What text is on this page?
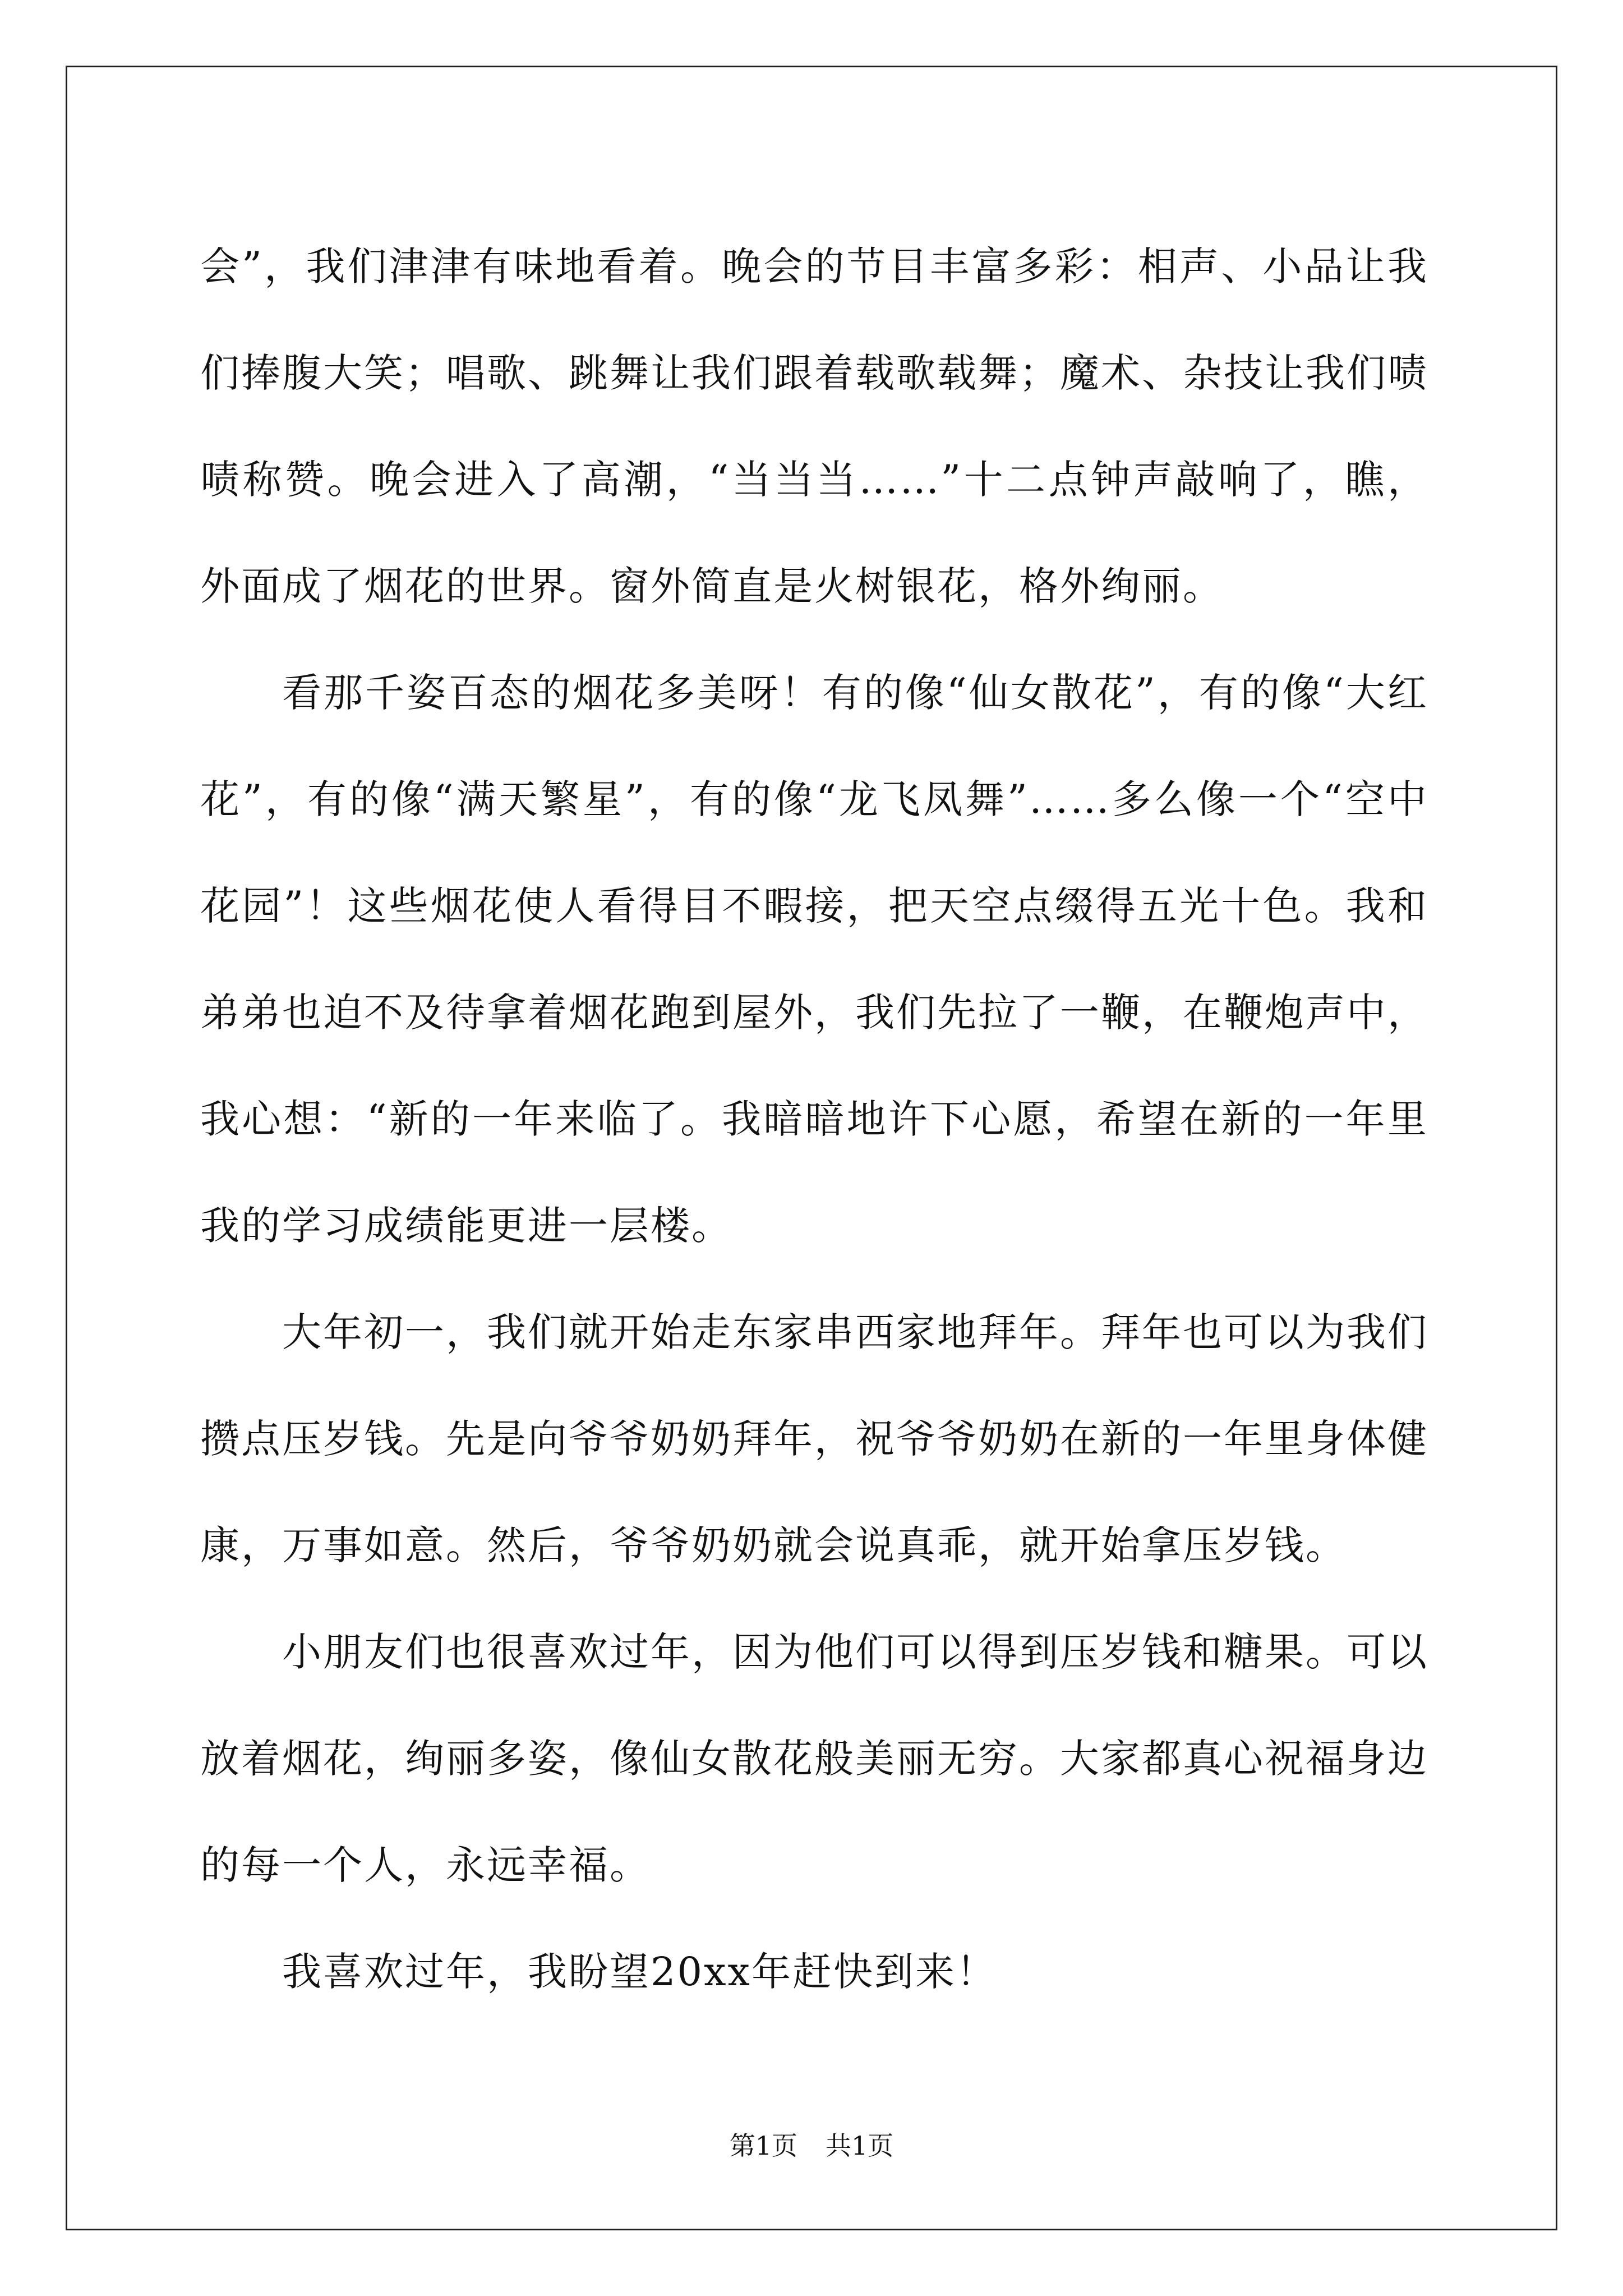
会”，我们津津有味地看着。晚会的节目丰富多彩：相声、小品让我们捧腹大笑；唱歌、跳舞让我们跟着载歌载舞；魔术、杂技让我们啧啧称赞。晚会进入了高潮，“当当当……”十二点钟声敲响了，瞧，外面成了烟花的世界。窗外简直是火树银花，格外绚丽。

看那千姿百态的烟花多美呀！有的像“仙女散花”，有的像“大红花”，有的像“满天繁星”，有的像“龙飞凤舞”……多么像一个“空中花园”！这些烟花使人看得目不暇接，把天空点缀得五光十色。我和弟弟也迫不及待拿着烟花跑到屋外，我们先拉了一鞭，在鞭炮声中，我心想：“新的一年来临了。我暗暗地许下心愿，希望在新的一年里我的学习成绩能更进一层楼。

大年初一，我们就开始走东家串西家地拜年。拜年也可以为我们攒点压岁钱。先是向爷爷奶奶拜年，祝爷爷奶奶在新的一年里身体健康，万事如意。然后，爷爷奶奶就会说真乖，就开始拿压岁钱。

小朋友们也很喜欢过年，因为他们可以得到压岁钱和糖果。可以放着烟花，绚丽多姿，像仙女散花般美丽无穷。大家都真心祝福身边的每一个人，永远幸福。

我喜欢过年，我盼望20xx年赶快到来！

第1页 共1页
